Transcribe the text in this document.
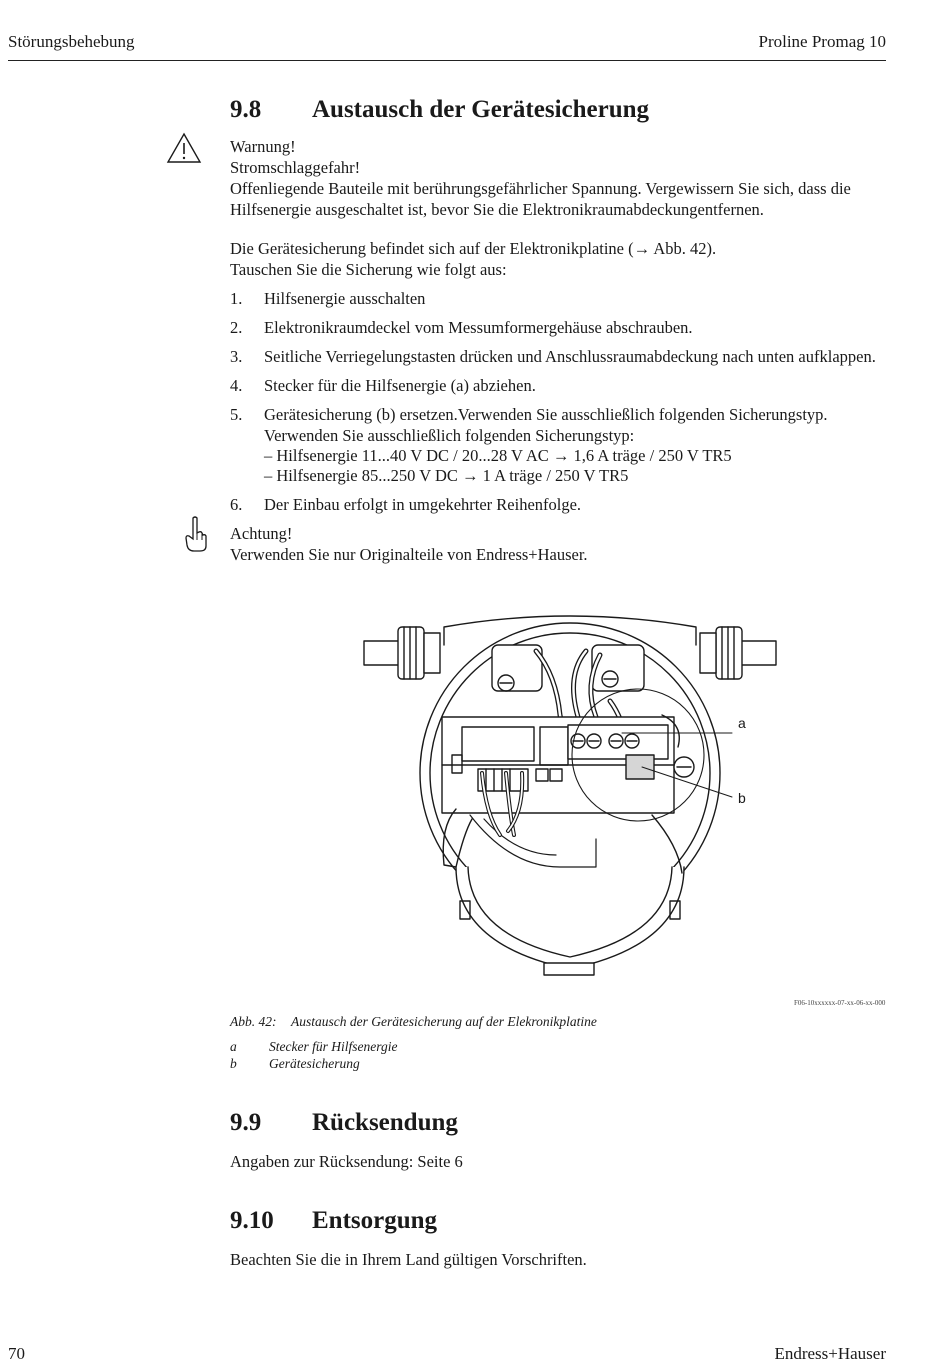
Störungsbehebung	Proline Promag 10
9.8 Austausch der Gerätesicherung
Warnung!
Stromschlaggefahr!
Offenliegende Bauteile mit berührungsgefährlicher Spannung. Vergewissern Sie sich, dass die
Hilfsenergie ausgeschaltet ist, bevor Sie die Elektronikraumabdeckungentfernen.
Die Gerätesicherung befindet sich auf der Elektronikplatine (→ Abb. 42).
Tauschen Sie die Sicherung wie folgt aus:
1. Hilfsenergie ausschalten
2. Elektronikraumdeckel vom Messumformergehäuse abschrauben.
3. Seitliche Verriegelungstasten drücken und Anschlussraumabdeckung nach unten aufklappen.
4. Stecker für die Hilfsenergie (a) abziehen.
5. Gerätesicherung (b) ersetzen.Verwenden Sie ausschließlich folgenden Sicherungstyp.
Verwenden Sie ausschließlich folgenden Sicherungstyp:
– Hilfsenergie 11...40 V DC / 20...28 V AC → 1,6 A träge / 250 V TR5
– Hilfsenergie 85...250 V DC → 1 A träge / 250 V TR5
6. Der Einbau erfolgt in umgekehrter Reihenfolge.
Achtung!
Verwenden Sie nur Originalteile von Endress+Hauser.
a
b
F06-10xxxxxx-07-xx-06-xx-000
Abb. 42: Austausch der Gerätesicherung auf der Elekronikplatine
a Stecker für Hilfsenergie
b Gerätesicherung
9.9 Rücksendung
Angaben zur Rücksendung: Seite 6
9.10 Entsorgung
Beachten Sie die in Ihrem Land gültigen Vorschriften.
70	Endress+Hauser
